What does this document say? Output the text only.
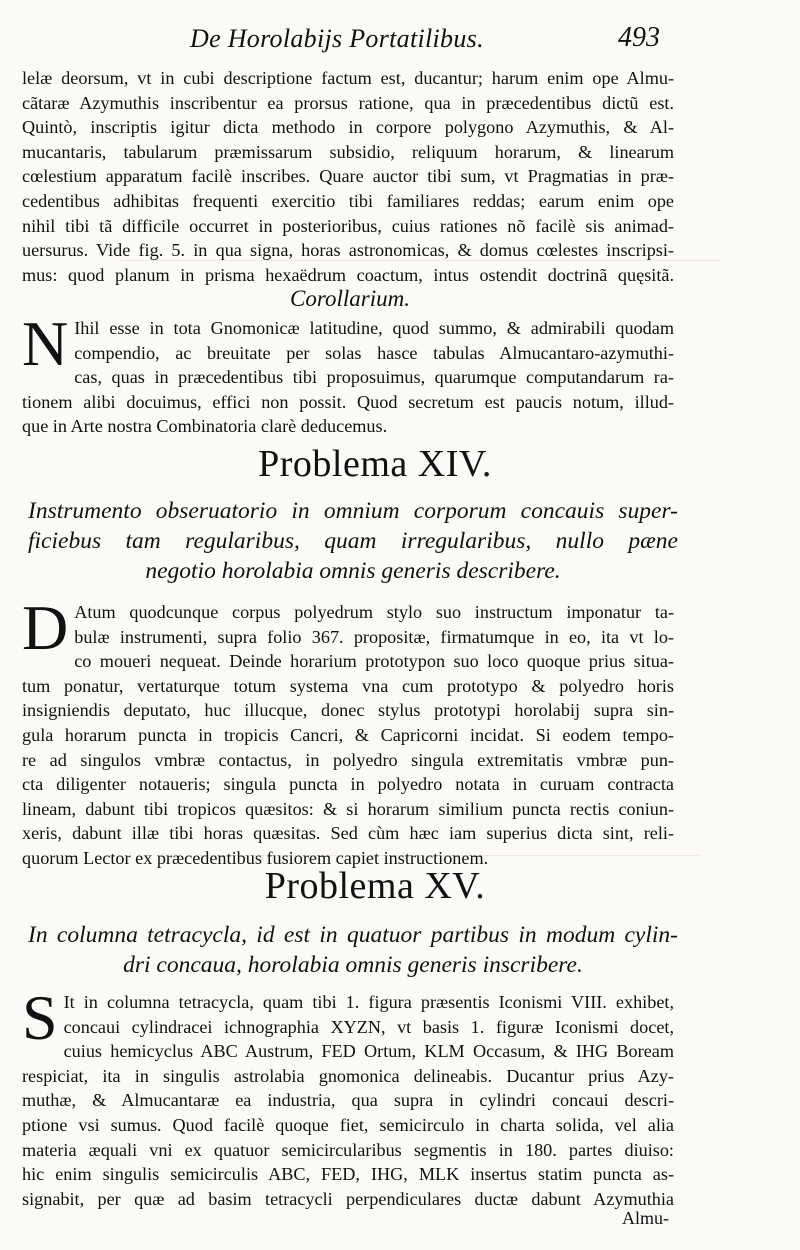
De Horolabijs Portatilibus.	493
lelæ deorsum, vt in cubi descriptione factum est, ducantur; harum enim ope Almu-
cãtaræ Azymuthis inscribentur ea prorsus ratione, qua in præcedentibus dictũ est.
Quintò, inscriptis igitur dicta methodo in corpore polygono Azymuthis, & Al-
mucantaris, tabularum præmissarum subsidio, reliquum horarum, & linearum
cœlestium apparatum facilè inscribes. Quare auctor tibi sum, vt Pragmatias in præ-
cedentibus adhibitas frequenti exercitio tibi familiares reddas; earum enim ope
nihil tibi tã difficile occurret in posterioribus, cuius rationes nõ facilè sis animad-
uersurus. Vide fig. 5. in qua signa, horas astronomicas, & domus cœlestes inscripsi-
mus: quod planum in prisma hexaëdrum coactum, intus ostendit doctrinã quęsitã.
Corollarium.
N Ihil esse in tota Gnomonicæ latitudine, quod summo, & admirabili quodam
compendio, ac breuitate per solas hasce tabulas Almucantaro-azymuthi-
cas, quas in præcedentibus tibi proposuimus, quarumque computandarum ra-
tionem alibi docuimus, effici non possit. Quod secretum est paucis notum, illud-
que in Arte nostra Combinatoria clarè deducemus.
Problema XIV.
Instrumento obseruatorio in omnium corporum concauis super-
ficiebus tam regularibus, quam irregularibus, nullo pæne
negotio horolabia omnis generis describere.
D Atum quodcunque corpus polyedrum stylo suo instructum imponatur ta-
bulæ instrumenti, supra folio 367. propositæ, firmatumque in eo, ita vt lo-
co moueri nequeat. Deinde horarium prototypon suo loco quoque prius situa-
tum ponatur, vertaturque totum systema vna cum prototypo & polyedro horis
insigniendis deputato, huc illucque, donec stylus prototypi horolabij supra sin-
gula horarum puncta in tropicis Cancri, & Capricorni incidat. Si eodem tempo-
re ad singulos vmbræ contactus, in polyedro singula extremitatis vmbræ pun-
cta diligenter notaueris; singula puncta in polyedro notata in curuam contracta
lineam, dabunt tibi tropicos quæsitos: & si horarum similium puncta rectis coniun-
xeris, dabunt illæ tibi horas quæsitas. Sed cùm hæc iam superius dicta sint, reli-
quorum Lector ex præcedentibus fusiorem capiet instructionem.
Problema XV.
In columna tetracycla, id est in quatuor partibus in modum cylin-
dri concaua, horolabia omnis generis inscribere.
S It in columna tetracycla, quam tibi 1. figura præsentis Iconismi VIII. exhibet,
concaui cylindracei ichnographia XYZN, vt basis 1. figuræ Iconismi docet,
cuius hemicyclus ABC Austrum, FED Ortum, KLM Occasum, & IHG Boream
respiciat, ita in singulis astrolabia gnomonica delineabis. Ducantur prius Azy-
muthæ, & Almucantaræ ea industria, qua supra in cylindri concaui descri-
ptione vsi sumus. Quod facilè quoque fiet, semicirculo in charta solida, vel alia
materia æquali vni ex quatuor semicircularibus segmentis in 180. partes diuiso:
hic enim singulis semicirculis ABC, FED, IHG, MLK insertus statim puncta as-
signabit, per quæ ad basim tetracycli perpendiculares ductæ dabunt Azymuthia
Almu-
